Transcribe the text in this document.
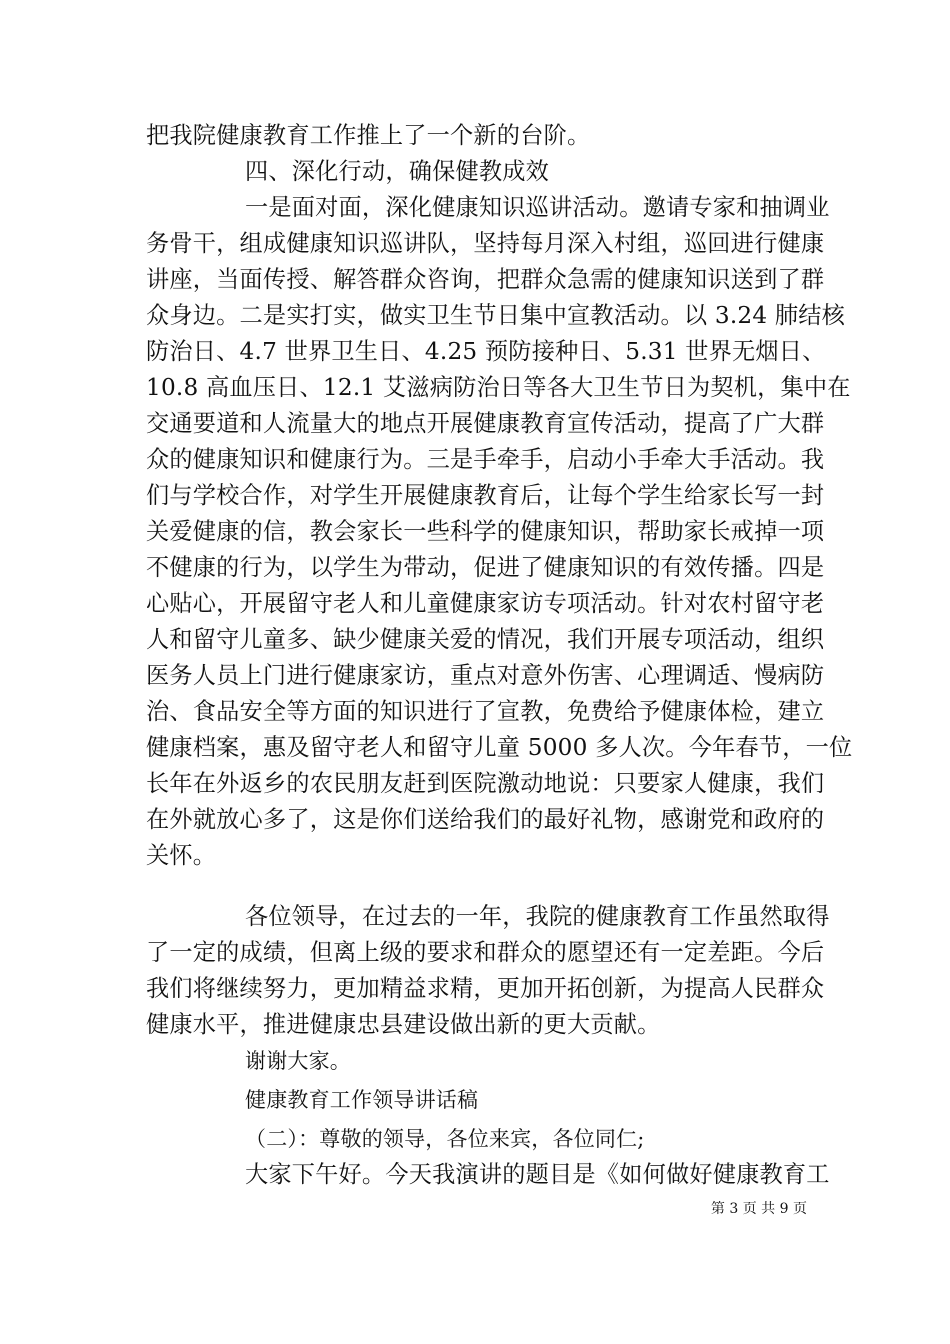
把我院健康教育工作推上了一个新的台阶。
四、深化行动，确保健教成效
一是面对面，深化健康知识巡讲活动。邀请专家和抽调业
务骨干，组成健康知识巡讲队，坚持每月深入村组，巡回进行健康
讲座，当面传授、解答群众咨询，把群众急需的健康知识送到了群
众身边。二是实打实，做实卫生节日集中宣教活动。以 3.24 肺结核
防治日、4.7 世界卫生日、4.25 预防接种日、5.31 世界无烟日、
10.8 高血压日、12.1 艾滋病防治日等各大卫生节日为契机，集中在
交通要道和人流量大的地点开展健康教育宣传活动，提高了广大群
众的健康知识和健康行为。三是手牵手，启动小手牵大手活动。我
们与学校合作，对学生开展健康教育后，让每个学生给家长写一封
关爱健康的信，教会家长一些科学的健康知识，帮助家长戒掉一项
不健康的行为，以学生为带动，促进了健康知识的有效传播。四是
心贴心，开展留守老人和儿童健康家访专项活动。针对农村留守老
人和留守儿童多、缺少健康关爱的情况，我们开展专项活动，组织
医务人员上门进行健康家访，重点对意外伤害、心理调适、慢病防
治、食品安全等方面的知识进行了宣教，免费给予健康体检，建立
健康档案，惠及留守老人和留守儿童 5000 多人次。今年春节，一位
长年在外返乡的农民朋友赶到医院激动地说：只要家人健康，我们
在外就放心多了，这是你们送给我们的最好礼物，感谢党和政府的
关怀。
各位领导，在过去的一年，我院的健康教育工作虽然取得
了一定的成绩，但离上级的要求和群众的愿望还有一定差距。今后
我们将继续努力，更加精益求精，更加开拓创新，为提高人民群众
健康水平，推进健康忠县建设做出新的更大贡献。
谢谢大家。
健康教育工作领导讲话稿
（二）：尊敬的领导，各位来宾，各位同仁;
大家下午好。今天我演讲的题目是《如何做好健康教育工
第 3 页 共 9 页
